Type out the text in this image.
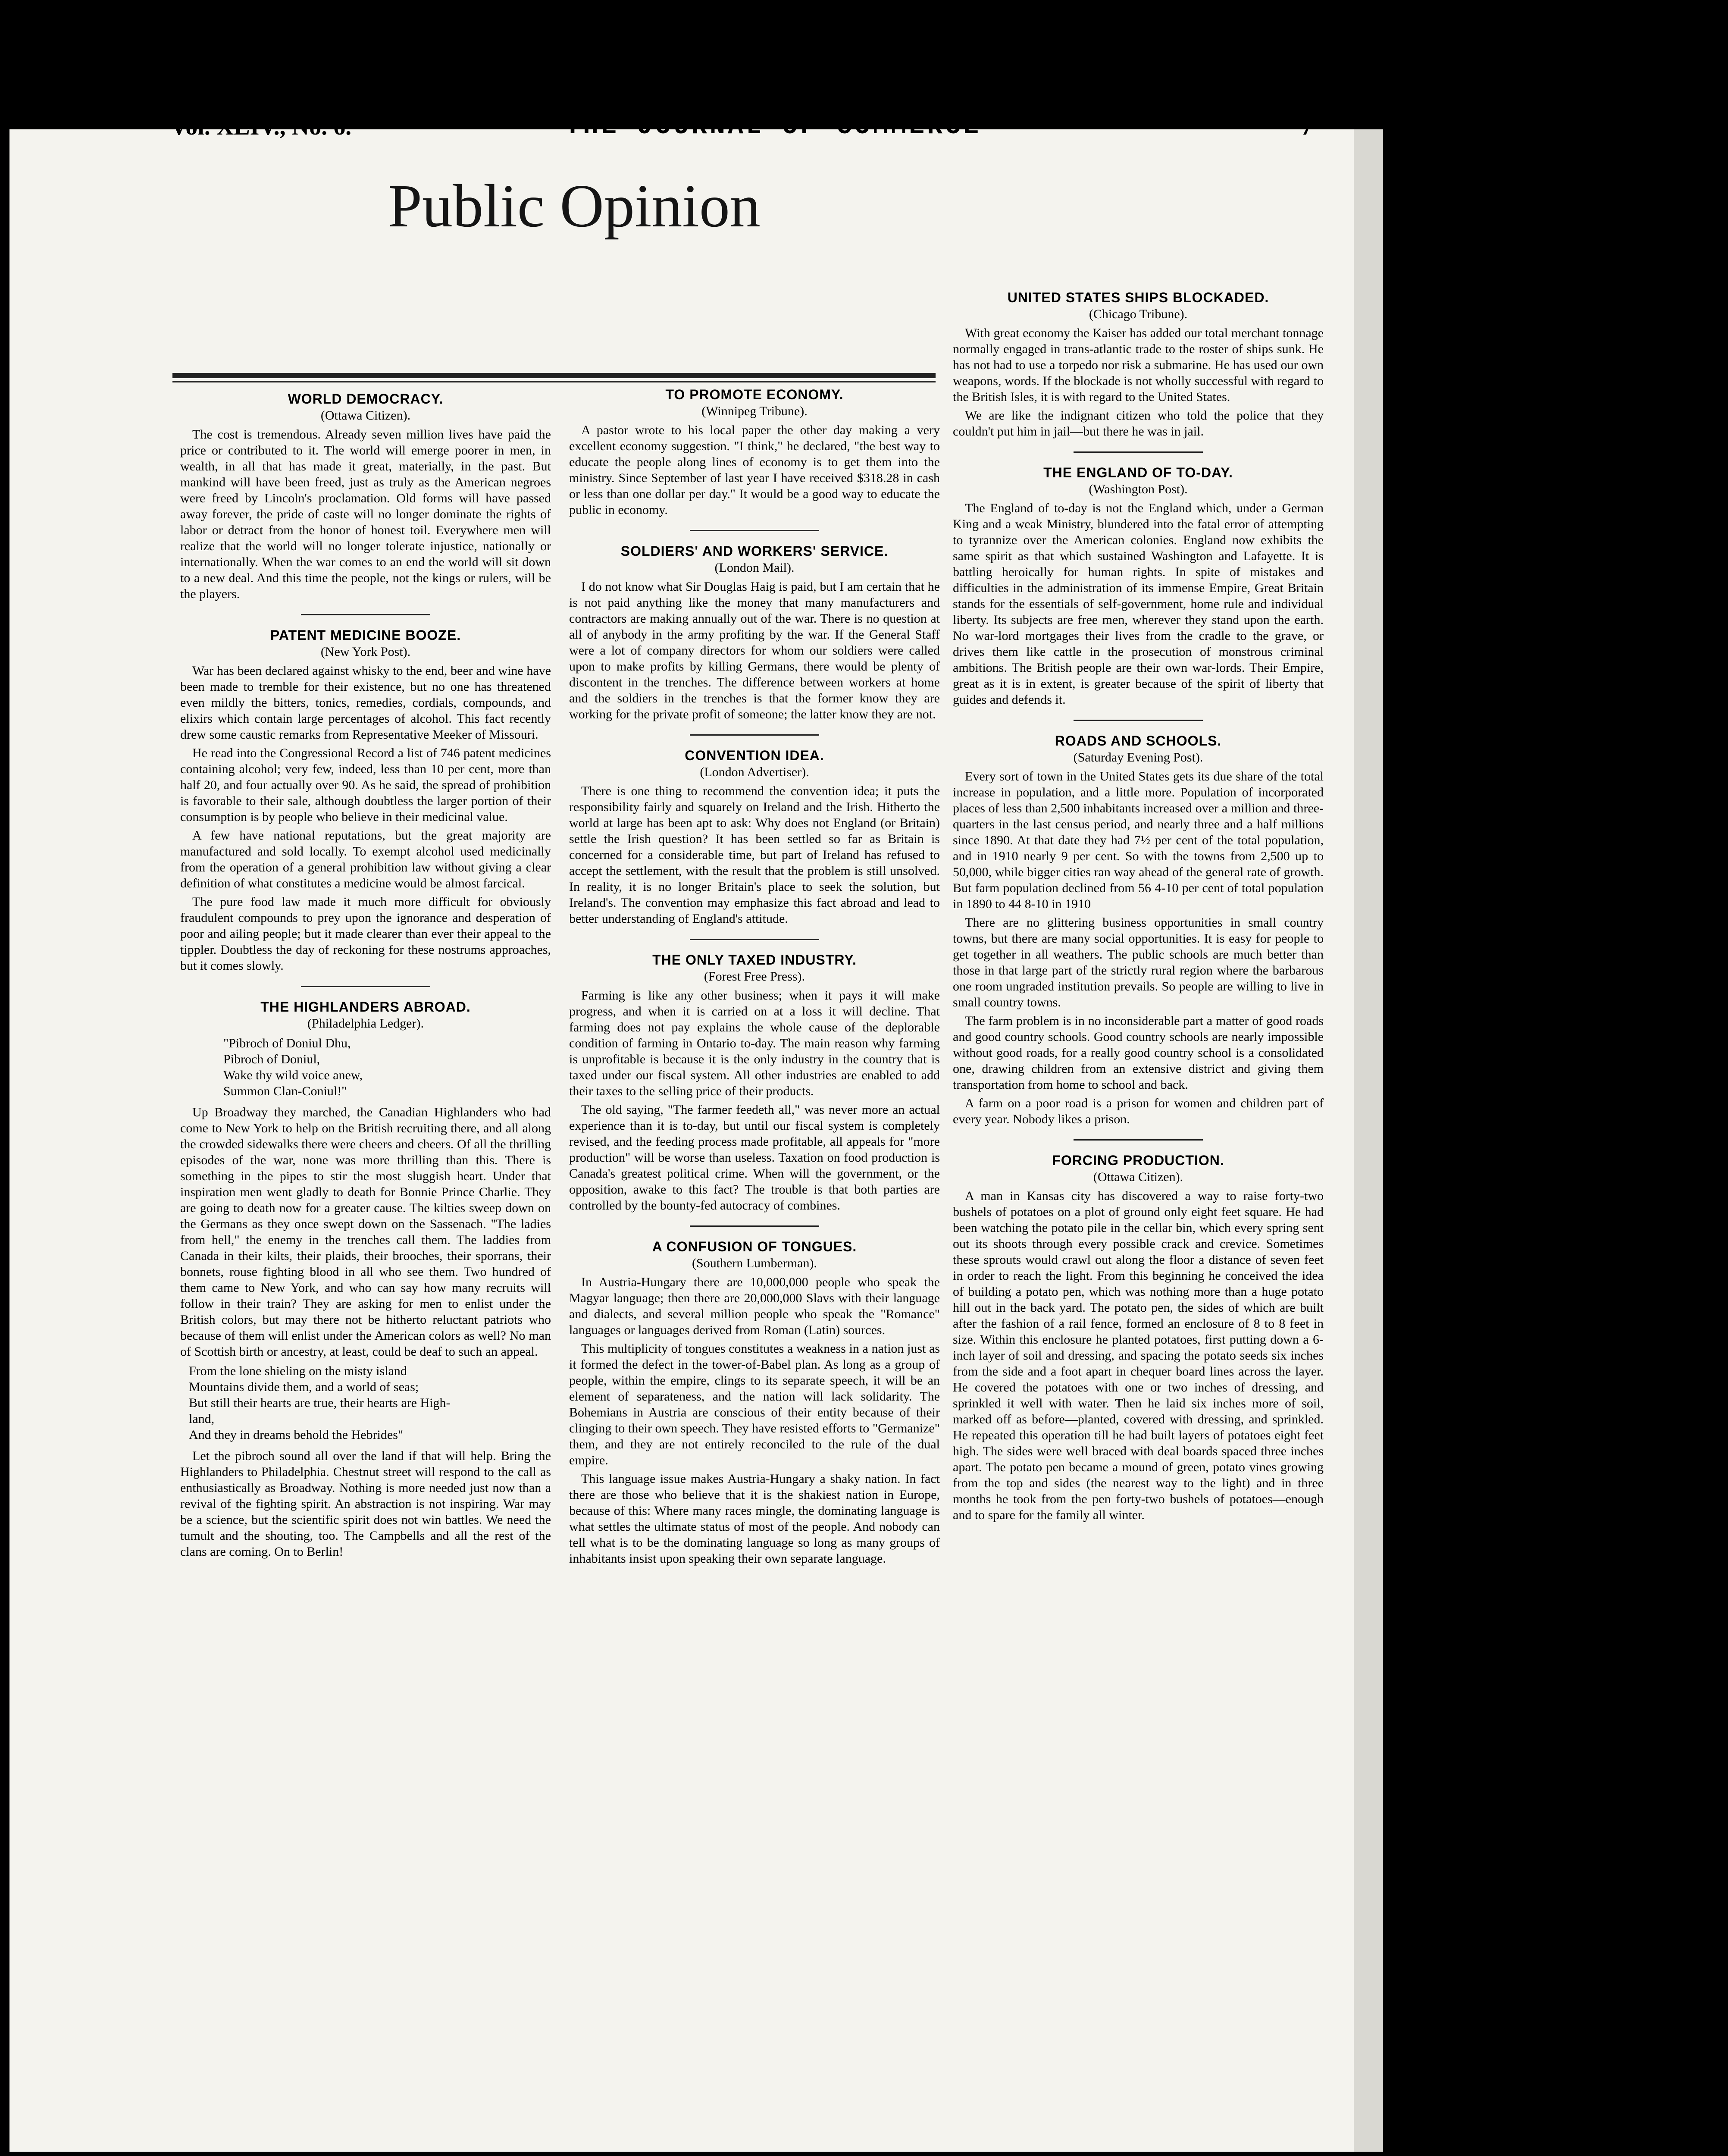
Vol. XLIV., No. 6.	THE JOURNAL OF COMMERCE	7
Public Opinion
WORLD DEMOCRACY.
(Ottawa Citizen).

The cost is tremendous. Already seven million lives have paid the price or contributed to it. The world will emerge poorer in men, in wealth, in all that has made it great, materially, in the past. But mankind will have been freed, just as truly as the American negroes were freed by Lincoln's proclamation. Old forms will have passed away forever, the pride of caste will no longer dominate the rights of labor or detract from the honor of honest toil. Everywhere men will realize that the world will no longer tolerate injustice, nationally or internationally. When the war comes to an end the world will sit down to a new deal. And this time the people, not the kings or rulers, will be the players.

PATENT MEDICINE BOOZE.
(New York Post).

War has been declared against whisky to the end, beer and wine have been made to tremble for their existence, but no one has threatened even mildly the bitters, tonics, remedies, cordials, compounds, and elixirs which contain large percentages of alcohol. This fact recently drew some caustic remarks from Representative Meeker of Missouri.

He read into the Congressional Record a list of 746 patent medicines containing alcohol; very few, indeed, less than 10 per cent, more than half 20, and four actually over 90. As he said, the spread of prohibition is favorable to their sale, although doubtless the larger portion of their consumption is by people who believe in their medicinal value.

A few have national reputations, but the great majority are manufactured and sold locally. To exempt alcohol used medicinally from the operation of a general prohibition law without giving a clear definition of what constitutes a medicine would be almost farcical.

The pure food law made it much more difficult for obviously fraudulent compounds to prey upon the ignorance and desperation of poor and ailing people; but it made clearer than ever their appeal to the tippler. Doubtless the day of reckoning for these nostrums approaches, but it comes slowly.

THE HIGHLANDERS ABROAD.
(Philadelphia Ledger).
"Pibroch of Doniul Dhu,
Pibroch of Doniul,
Wake thy wild voice anew,
Summon Clan-Coniul!"

Up Broadway they marched, the Canadian Highlanders who had come to New York to help on the British recruiting there, and all along the crowded sidewalks there were cheers and cheers. Of all the thrilling episodes of the war, none was more thrilling than this. There is something in the pipes to stir the most sluggish heart. Under that inspiration men went gladly to death for Bonnie Prince Charlie. They are going to death now for a greater cause. The kilties sweep down on the Germans as they once swept down on the Sassenach. "The ladies from hell," the enemy in the trenches call them. The laddies from Canada in their kilts, their plaids, their brooches, their sporrans, their bonnets, rouse fighting blood in all who see them. Two hundred of them came to New York, and who can say how many recruits will follow in their train? They are asking for men to enlist under the British colors, but may there not be hitherto reluctant patriots who because of them will enlist under the American colors as well? No man of Scottish birth or ancestry, at least, could be deaf to such an appeal.

From the lone shieling on the misty island
Mountains divide them, and a world of seas;
But still their hearts are true, their hearts are High-
land,
And they in dreams behold the Hebrides"

Let the pibroch sound all over the land if that will help. Bring the Highlanders to Philadelphia. Chestnut street will respond to the call as enthusiastically as Broadway. Nothing is more needed just now than a revival of the fighting spirit. An abstraction is not inspiring. War may be a science, but the scientific spirit does not win battles. We need the tumult and the shouting, too. The Campbells and all the rest of the clans are coming. On to Berlin!

TO PROMOTE ECONOMY.
(Winnipeg Tribune).

A pastor wrote to his local paper the other day making a very excellent economy suggestion. "I think," he declared, "the best way to educate the people along lines of economy is to get them into the ministry. Since September of last year I have received $318.28 in cash or less than one dollar per day." It would be a good way to educate the public in economy.

SOLDIERS' AND WORKERS' SERVICE.
(London Mail).

I do not know what Sir Douglas Haig is paid, but I am certain that he is not paid anything like the money that many manufacturers and contractors are making annually out of the war. There is no question at all of anybody in the army profiting by the war. If the General Staff were a lot of company directors for whom our soldiers were called upon to make profits by killing Germans, there would be plenty of discontent in the trenches. The difference between workers at home and the soldiers in the trenches is that the former know they are working for the private profit of someone; the latter know they are not.

CONVENTION IDEA.
(London Advertiser).

There is one thing to recommend the convention idea; it puts the responsibility fairly and squarely on Ireland and the Irish. Hitherto the world at large has been apt to ask: Why does not England (or Britain) settle the Irish question? It has been settled so far as Britain is concerned for a considerable time, but part of Ireland has refused to accept the settlement, with the result that the problem is still unsolved. In reality, it is no longer Britain's place to seek the solution, but Ireland's. The convention may emphasize this fact abroad and lead to better understanding of England's attitude.

THE ONLY TAXED INDUSTRY.
(Forest Free Press).

Farming is like any other business; when it pays it will make progress, and when it is carried on at a loss it will decline. That farming does not pay explains the whole cause of the deplorable condition of farming in Ontario to-day. The main reason why farming is unprofitable is because it is the only industry in the country that is taxed under our fiscal system. All other industries are enabled to add their taxes to the selling price of their products.

The old saying, "The farmer feedeth all," was never more an actual experience than it is to-day, but until our fiscal system is completely revised, and the feeding process made profitable, all appeals for "more production" will be worse than useless. Taxation on food production is Canada's greatest political crime. When will the government, or the opposition, awake to this fact? The trouble is that both parties are controlled by the bounty-fed autocracy of combines.

A CONFUSION OF TONGUES.
(Southern Lumberman).

In Austria-Hungary there are 10,000,000 people who speak the Magyar language; then there are 20,000,000 Slavs with their language and dialects, and several million people who speak the "Romance" languages or languages derived from Roman (Latin) sources.

This multiplicity of tongues constitutes a weakness in a nation just as it formed the defect in the tower-of-Babel plan. As long as a group of people, within the empire, clings to its separate speech, it will be an element of separateness, and the nation will lack solidarity. The Bohemians in Austria are conscious of their entity because of their clinging to their own speech. They have resisted efforts to "Germanize" them, and they are not entirely reconciled to the rule of the dual empire.

This language issue makes Austria-Hungary a shaky nation. In fact there are those who believe that it is the shakiest nation in Europe, because of this: Where many races mingle, the dominating language is what settles the ultimate status of most of the people. And nobody can tell what is to be the dominating language so long as many groups of inhabitants insist upon speaking their own separate language.

UNITED STATES SHIPS BLOCKADED.
(Chicago Tribune).

With great economy the Kaiser has added our total merchant tonnage normally engaged in trans-atlantic trade to the roster of ships sunk. He has not had to use a torpedo nor risk a submarine. He has used our own weapons, words. If the blockade is not wholly successful with regard to the British Isles, it is with regard to the United States.

We are like the indignant citizen who told the police that they couldn't put him in jail—but there he was in jail.

THE ENGLAND OF TO-DAY.
(Washington Post).

The England of to-day is not the England which, under a German King and a weak Ministry, blundered into the fatal error of attempting to tyrannize over the American colonies. England now exhibits the same spirit as that which sustained Washington and Lafayette. It is battling heroically for human rights. In spite of mistakes and difficulties in the administration of its immense Empire, Great Britain stands for the essentials of self-government, home rule and individual liberty. Its subjects are free men, wherever they stand upon the earth. No war-lord mortgages their lives from the cradle to the grave, or drives them like cattle in the prosecution of monstrous criminal ambitions. The British people are their own war-lords. Their Empire, great as it is in extent, is greater because of the spirit of liberty that guides and defends it.

ROADS AND SCHOOLS.
(Saturday Evening Post).

Every sort of town in the United States gets its due share of the total increase in population, and a little more. Population of incorporated places of less than 2,500 inhabitants increased over a million and three-quarters in the last census period, and nearly three and a half millions since 1890. At that date they had 7½ per cent of the total population, and in 1910 nearly 9 per cent. So with the towns from 2,500 up to 50,000, while bigger cities ran way ahead of the general rate of growth. But farm population declined from 56 4-10 per cent of total population in 1890 to 44 8-10 in 1910

There are no glittering business opportunities in small country towns, but there are many social opportunities. It is easy for people to get together in all weathers. The public schools are much better than those in that large part of the strictly rural region where the barbarous one room ungraded institution prevails. So people are willing to live in small country towns.

The farm problem is in no inconsiderable part a matter of good roads and good country schools. Good country schools are nearly impossible without good roads, for a really good country school is a consolidated one, drawing children from an extensive district and giving them transportation from home to school and back.

A farm on a poor road is a prison for women and children part of every year. Nobody likes a prison.

FORCING PRODUCTION.
(Ottawa Citizen).

A man in Kansas city has discovered a way to raise forty-two bushels of potatoes on a plot of ground only eight feet square. He had been watching the potato pile in the cellar bin, which every spring sent out its shoots through every possible crack and crevice. Sometimes these sprouts would crawl out along the floor a distance of seven feet in order to reach the light. From this beginning he conceived the idea of building a potato pen, which was nothing more than a huge potato hill out in the back yard. The potato pen, the sides of which are built after the fashion of a rail fence, formed an enclosure of 8 to 8 feet in size. Within this enclosure he planted potatoes, first putting down a 6-inch layer of soil and dressing, and spacing the potato seeds six inches from the side and a foot apart in chequer board lines across the layer. He covered the potatoes with one or two inches of dressing, and sprinkled it well with water. Then he laid six inches more of soil, marked off as before—planted, covered with dressing, and sprinkled. He repeated this operation till he had built layers of potatoes eight feet high. The sides were well braced with deal boards spaced three inches apart. The potato pen became a mound of green, potato vines growing from the top and sides (the nearest way to the light) and in three months he took from the pen forty-two bushels of potatoes—enough and to spare for the family all winter.
